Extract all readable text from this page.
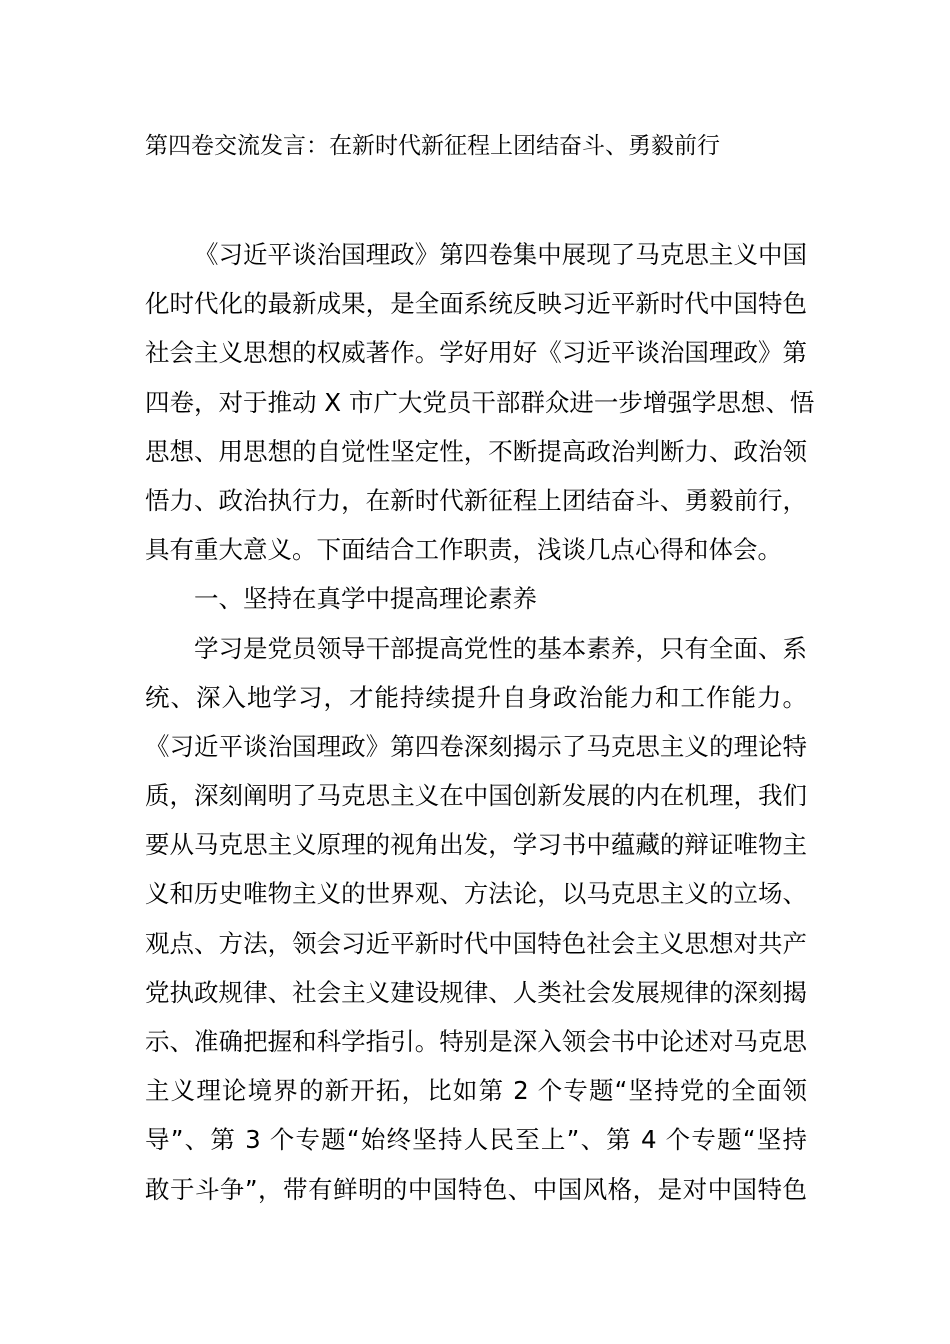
第四卷交流发言：在新时代新征程上团结奋斗、勇毅前行
《习近平谈治国理政》第四卷集中展现了马克思主义中国
化时代化的最新成果，是全面系统反映习近平新时代中国特色
社会主义思想的权威著作。学好用好《习近平谈治国理政》第
四卷，对于推动 X 市广大党员干部群众进一步增强学思想、悟
思想、用思想的自觉性坚定性，不断提高政治判断力、政治领
悟力、政治执行力，在新时代新征程上团结奋斗、勇毅前行，
具有重大意义。下面结合工作职责，浅谈几点心得和体会。
一、坚持在真学中提高理论素养
学习是党员领导干部提高党性的基本素养，只有全面、系
统、深入地学习，才能持续提升自身政治能力和工作能力。
《习近平谈治国理政》第四卷深刻揭示了马克思主义的理论特
质，深刻阐明了马克思主义在中国创新发展的内在机理，我们
要从马克思主义原理的视角出发，学习书中蕴藏的辩证唯物主
义和历史唯物主义的世界观、方法论，以马克思主义的立场、
观点、方法，领会习近平新时代中国特色社会主义思想对共产
党执政规律、社会主义建设规律、人类社会发展规律的深刻揭
示、准确把握和科学指引。特别是深入领会书中论述对马克思
主义理论境界的新开拓，比如第 2 个专题“坚持党的全面领
导”、第 3 个专题“始终坚持人民至上”、第 4 个专题“坚持
敢于斗争”，带有鲜明的中国特色、中国风格，是对中国特色
